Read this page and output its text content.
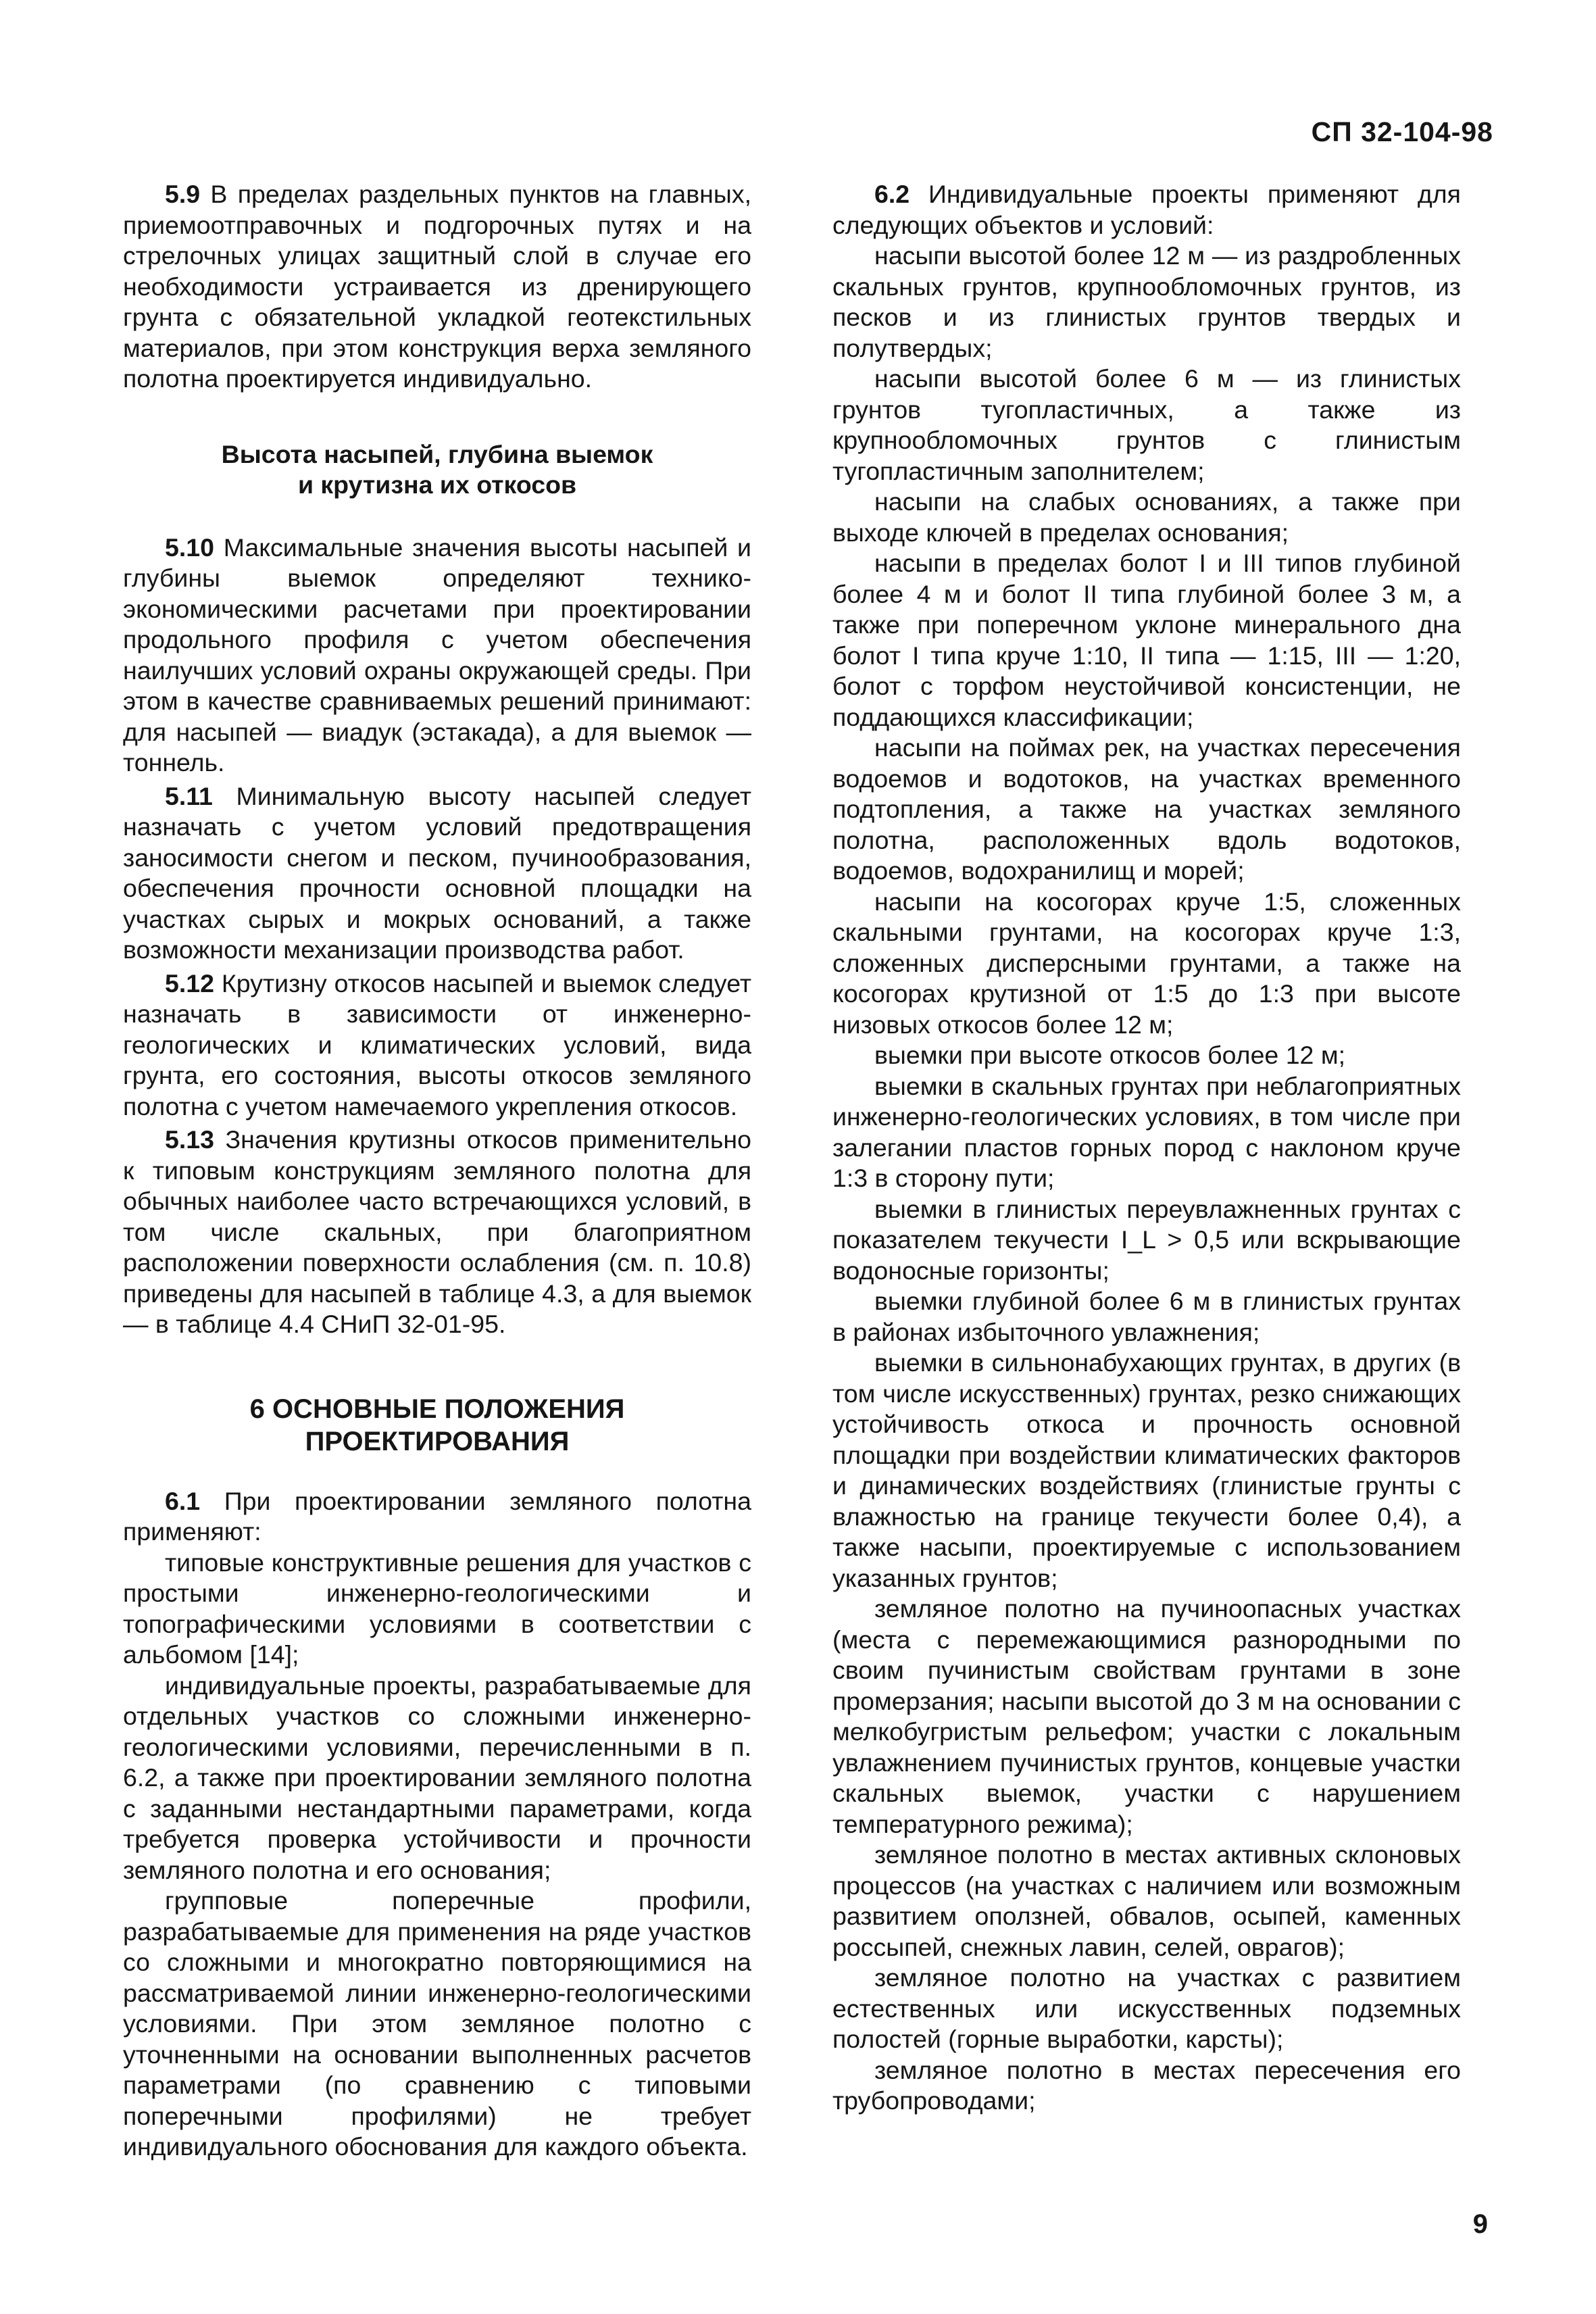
СП 32-104-98

5.9 В пределах раздельных пунктов на главных, приемоотправочных и подгорочных путях и на стрелочных улицах защитный слой в случае его необходимости устраивается из дренирующего грунта с обязательной укладкой геотекстильных материалов, при этом конструкция верха земляного полотна проектируется индивидуально.

Высота насыпей, глубина выемок
и крутизна их откосов

5.10 Максимальные значения высоты насыпей и глубины выемок определяют технико-экономическими расчетами при проектировании продольного профиля с учетом обеспечения наилучших условий охраны окружающей среды. При этом в качестве сравниваемых решений принимают: для насыпей — виадук (эстакада), а для выемок — тоннель.

5.11 Минимальную высоту насыпей следует назначать с учетом условий предотвращения заносимости снегом и песком, пучинообразования, обеспечения прочности основной площадки на участках сырых и мокрых оснований, а также возможности механизации производства работ.

5.12 Крутизну откосов насыпей и выемок следует назначать в зависимости от инженерно-геологических и климатических условий, вида грунта, его состояния, высоты откосов земляного полотна с учетом намечаемого укрепления откосов.

5.13 Значения крутизны откосов применительно к типовым конструкциям земляного полотна для обычных наиболее часто встречающихся условий, в том числе скальных, при благоприятном расположении поверхности ослабления (см. п. 10.8) приведены для насыпей в таблице 4.3, а для выемок — в таблице 4.4 СНиП 32-01-95.

6 ОСНОВНЫЕ ПОЛОЖЕНИЯ
ПРОЕКТИРОВАНИЯ

6.1 При проектировании земляного полотна применяют:

типовые конструктивные решения для участков с простыми инженерно-геологическими и топографическими условиями в соответствии с альбомом [14];

индивидуальные проекты, разрабатываемые для отдельных участков со сложными инженерно-геологическими условиями, перечисленными в п. 6.2, а также при проектировании земляного полотна с заданными нестандартными параметрами, когда требуется проверка устойчивости и прочности земляного полотна и его основания;

групповые поперечные профили, разрабатываемые для применения на ряде участков со сложными и многократно повторяющимися на рассматриваемой линии инженерно-геологическими условиями. При этом земляное полотно с уточненными на основании выполненных расчетов параметрами (по сравнению с типовыми поперечными профилями) не требует индивидуального обоснования для каждого объекта.

6.2 Индивидуальные проекты применяют для следующих объектов и условий:

насыпи высотой более 12 м — из раздробленных скальных грунтов, крупнообломочных грунтов, из песков и из глинистых грунтов твердых и полутвердых;

насыпи высотой более 6 м — из глинистых грунтов тугопластичных, а также из крупнообломочных грунтов с глинистым тугопластичным заполнителем;

насыпи на слабых основаниях, а также при выходе ключей в пределах основания;

насыпи в пределах болот I и III типов глубиной более 4 м и болот II типа глубиной более 3 м, а также при поперечном уклоне минерального дна болот I типа круче 1:10, II типа — 1:15, III — 1:20, болот с торфом неустойчивой консистенции, не поддающихся классификации;

насыпи на поймах рек, на участках пересечения водоемов и водотоков, на участках временного подтопления, а также на участках земляного полотна, расположенных вдоль водотоков, водоемов, водохранилищ и морей;

насыпи на косогорах круче 1:5, сложенных скальными грунтами, на косогорах круче 1:3, сложенных дисперсными грунтами, а также на косогорах крутизной от 1:5 до 1:3 при высоте низовых откосов более 12 м;

выемки при высоте откосов более 12 м;

выемки в скальных грунтах при неблагоприятных инженерно-геологических условиях, в том числе при залегании пластов горных пород с наклоном круче 1:3 в сторону пути;

выемки в глинистых переувлажненных грунтах с показателем текучести I_L > 0,5 или вскрывающие водоносные горизонты;

выемки глубиной более 6 м в глинистых грунтах в районах избыточного увлажнения;

выемки в сильнонабухающих грунтах, в других (в том числе искусственных) грунтах, резко снижающих устойчивость откоса и прочность основной площадки при воздействии климатических факторов и динамических воздействиях (глинистые грунты с влажностью на границе текучести более 0,4), а также насыпи, проектируемые с использованием указанных грунтов;

земляное полотно на пучиноопасных участках (места с перемежающимися разнородными по своим пучинистым свойствам грунтами в зоне промерзания; насыпи высотой до 3 м на основании с мелкобугристым рельефом; участки с локальным увлажнением пучинистых грунтов, концевые участки скальных выемок, участки с нарушением температурного режима);

земляное полотно в местах активных склоновых процессов (на участках с наличием или возможным развитием оползней, обвалов, осыпей, каменных россыпей, снежных лавин, селей, оврагов);

земляное полотно на участках с развитием естественных или искусственных подземных полостей (горные выработки, карсты);

земляное полотно в местах пересечения его трубопроводами;

9
